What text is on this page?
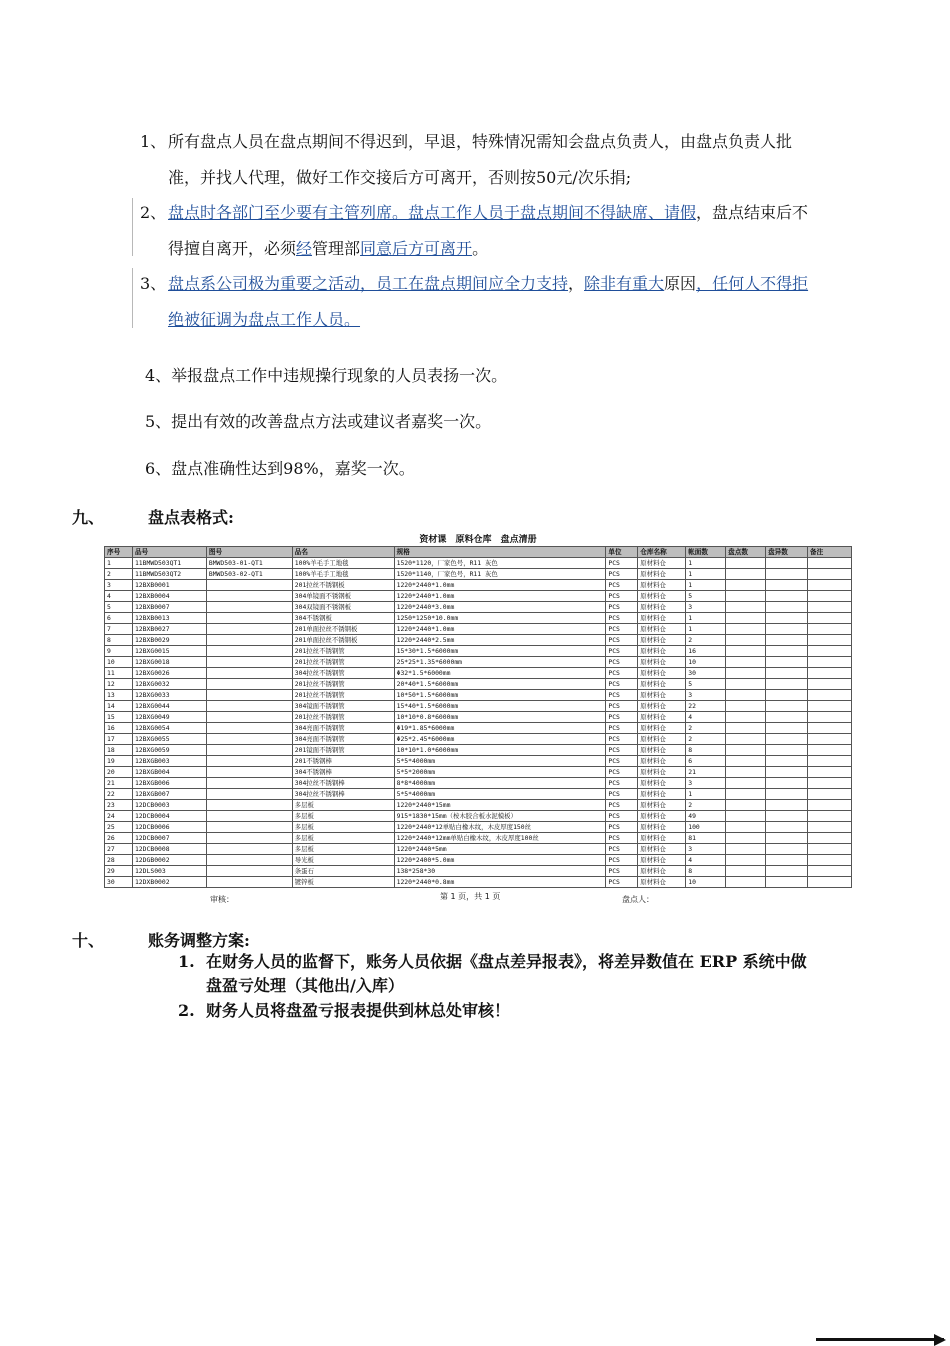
1、 所有盘点人员在盘点期间不得迟到，早退，特殊情况需知会盘点负责人，由盘点负责人批准，并找人代理，做好工作交接后方可离开，否则按50元/次乐捐;
2、 盘点时各部门至少要有主管列席。盘点工作人员于盘点期间不得缺席、请假，盘点结束后不得擅自离开，必须经管理部同意后方可离开。
3、 盘点系公司极为重要之活动，员工在盘点期间应全力支持，除非有重大原因，任何人不得拒绝被征调为盘点工作人员。
4、举报盘点工作中违规操行现象的人员表扬一次。
5、提出有效的改善盘点方法或建议者嘉奖一次。
6、盘点准确性达到98%，嘉奖一次。
九、	盘点表格式:
资材课 原料仓库 盘点清册
序号	品号	图号	品名	规格	单位	仓库名称	帐面数	盘点数	盘异数	备注
1	11BMWD503QT1	BMWD503-01-QT1	100%羊毛手工地毯	1520*1120，厂家色号，R11 灰色	PCS	原材料仓	1			
2	11BMWD503QT2	BMWD503-02-QT1	100%羊毛手工地毯	1520*1140，厂家色号，R11 灰色	PCS	原材料仓	1			
3	12BXB0001		201拉丝不锈钢板	1220*2440*1.0mm	PCS	原材料仓	1			
4	12BXB0004		304单镜面不锈钢板	1220*2440*1.0mm	PCS	原材料仓	5			
5	12BXB0007		304双镜面不锈钢板	1220*2440*3.0mm	PCS	原材料仓	3			
6	12BXB0013		304不锈钢板	1250*1250*10.0mm	PCS	原材料仓	1			
7	12BXB0027		201单面拉丝不锈钢板	1220*2440*1.0mm	PCS	原材料仓	1			
8	12BXB0029		201单面拉丝不锈钢板	1220*2440*2.5mm	PCS	原材料仓	2			
9	12BXG0015		201拉丝不锈钢管	15*30*1.5*6000mm	PCS	原材料仓	16			
10	12BXG0018		201拉丝不锈钢管	25*25*1.35*6000mm	PCS	原材料仓	10			
11	12BXG0026		304拉丝不锈钢管	Φ32*1.5*6000mm	PCS	原材料仓	30			
12	12BXG0032		201拉丝不锈钢管	20*40*1.5*6000mm	PCS	原材料仓	5			
13	12BXG0033		201拉丝不锈钢管	10*50*1.5*6000mm	PCS	原材料仓	3			
14	12BXG0044		304镜面不锈钢管	15*40*1.5*6000mm	PCS	原材料仓	22			
15	12BXG0049		201拉丝不锈钢管	10*10*0.8*6000mm	PCS	原材料仓	4			
16	12BXG0054		304亮面不锈钢管	Φ19*1.85*6000mm	PCS	原材料仓	2			
17	12BXG0055		304亮面不锈钢管	Φ25*2.45*6000mm	PCS	原材料仓	2			
18	12BXG0059		201镜面不锈钢管	10*10*1.0*6000mm	PCS	原材料仓	8			
19	12BXGB003		201不锈钢棒	5*5*4000mm	PCS	原材料仓	6			
20	12BXGB004		304不锈钢棒	5*5*2000mm	PCS	原材料仓	21			
21	12BXGB006		304拉丝不锈钢棒	8*8*4000mm	PCS	原材料仓	3			
22	12BXGB007		304拉丝不锈钢棒	5*5*4000mm	PCS	原材料仓	1			
23	12DCB0003		多层板	1220*2440*15mm	PCS	原材料仓	2			
24	12DCB0004		多层板	915*1830*15mm（桉木胶合板水泥模板）	PCS	原材料仓	49			
25	12DCB0006		多层板	1220*2440*12单贴白橡木纹，木皮厚度150丝	PCS	原材料仓	100			
26	12DCB0007		多层板	1220*2440*12mm单贴白橡木纹，木皮厚度100丝	PCS	原材料仓	81			
27	12DCB0008		多层板	1220*2440*5mm	PCS	原材料仓	3			
28	12DGB0002		导光板	1220*2400*5.0mm	PCS	原材料仓	4			
29	12DLS003		条蛋石	138*258*30	PCS	原材料仓	8			
30	12DXB0002		镀锌板	1220*2440*0.8mm	PCS	原材料仓	10			
审核：	第 1 页，共 1 页	盘点人：
十、	账务调整方案:
1. 在财务人员的监督下，账务人员依据《盘点差异报表》，将差异数值在 ERP 系统中做盘盈亏处理（其他出/入库）
2. 财务人员将盘盈亏报表提供到林总处审核！
